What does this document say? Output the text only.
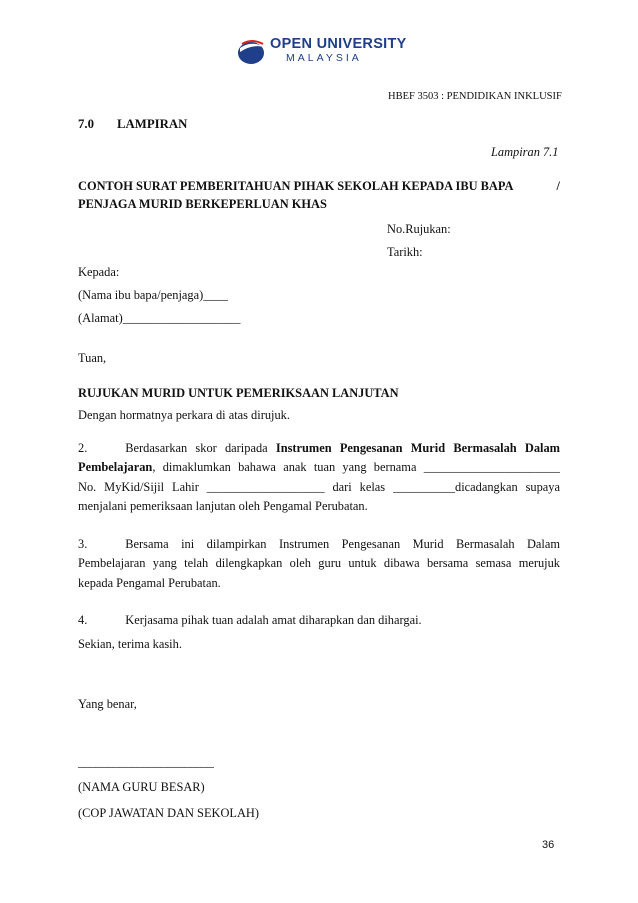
OPEN UNIVERSITY
MALAYSIA
HBEF 3503 : PENDIDIKAN INKLUSIF
7.0 LAMPIRAN
Lampiran 7.1
CONTOH SURAT PEMBERITAHUAN PIHAK SEKOLAH KEPADA IBU BAPA	/
PENJAGA MURID BERKEPERLUAN KHAS
No.Rujukan:
Tarikh:
Kepada:
(Nama ibu bapa/penjaga)____
(Alamat)___________________
Tuan,
RUJUKAN MURID UNTUK PEMERIKSAAN LANJUTAN
Dengan hormatnya perkara di atas dirujuk.
2.	Berdasarkan skor daripada Instrumen Pengesanan Murid Bermasalah Dalam
Pembelajaran, dimaklumkan bahawa anak tuan yang bernama ______________________
No. MyKid/Sijil Lahir ___________________ dari kelas __________dicadangkan supaya
menjalani pemeriksaan lanjutan oleh Pengamal Perubatan.
3.	Bersama ini dilampirkan Instrumen Pengesanan Murid Bermasalah Dalam
Pembelajaran yang telah dilengkapkan oleh guru untuk dibawa bersama semasa merujuk
kepada Pengamal Perubatan.
4.	Kerjasama pihak tuan adalah amat diharapkan dan dihargai.
Sekian, terima kasih.
Yang benar,
_______________________
(NAMA GURU BESAR)
(COP JAWATAN DAN SEKOLAH)
36
